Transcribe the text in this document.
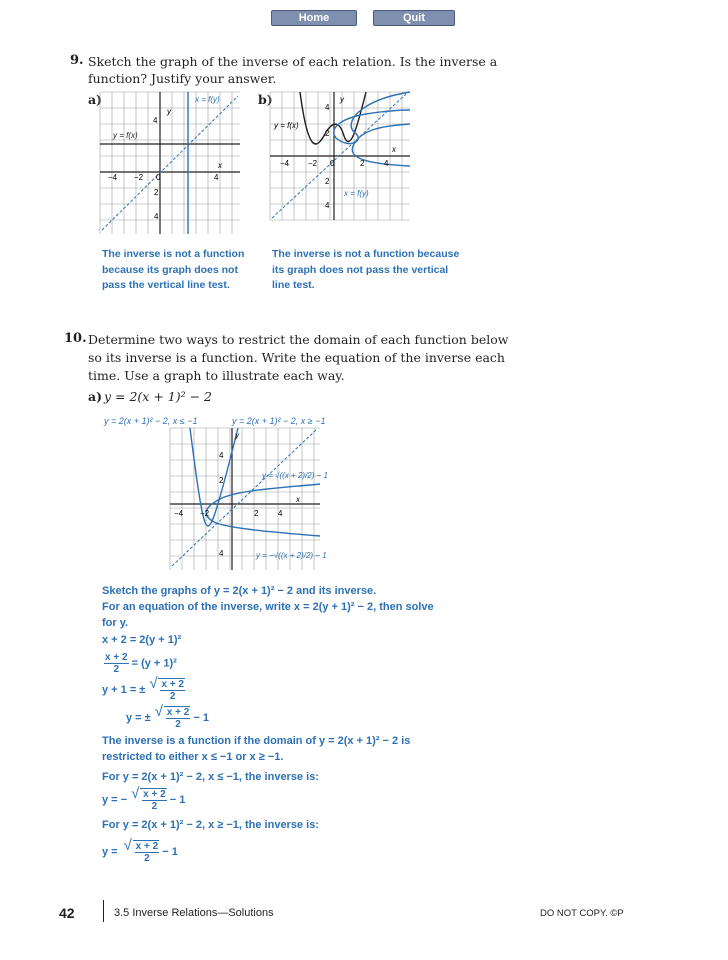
Home	Quit
9. Sketch the graph of the inverse of each relation. Is the inverse a
function? Justify your answer.
a)	b)
x = f(y)
y = f(x)
y
x
4
−4 −2 0
2
4
4
y = f(x)
x = f(y)
y
x
4
2
−4 −2 0	2 4
2
4
The inverse is not a function
because its graph does not
pass the vertical line test.
The inverse is not a function because
its graph does not pass the vertical
line test.
10. Determine two ways to restrict the domain of each function below
so its inverse is a function. Write the equation of the inverse each
time. Use a graph to illustrate each way.
a) y = 2(x + 1)² − 2
y = 2(x + 1)² − 2, x ≤ −1	y = 2(x + 1)² − 2, x ≥ −1
y
x
4
2
−4 −2	2 4
4
y = √((x + 2)/2) − 1
y = −√((x + 2)/2) − 1
Sketch the graphs of y = 2(x + 1)² − 2 and its inverse.
For an equation of the inverse, write x = 2(y + 1)² − 2, then solve
for y.
x + 2 = 2(y + 1)²
$\frac{x + 2}{2} = (y + 1)^2$
y + 1 = ± √ $\frac{x + 2}{2}$
y = ± √ $\frac{x + 2}{2} - 1$
The inverse is a function if the domain of y = 2(x + 1)² − 2 is
restricted to either x ≤ −1 or x ≥ −1.
For y = 2(x + 1)² − 2, x ≤ −1, the inverse is:
y = − √ $\frac{x + 2}{2} - 1$
For y = 2(x + 1)² − 2, x ≥ −1, the inverse is:
y = √ $\frac{x + 2}{2} - 1$
42	3.5 Inverse Relations—Solutions	DO NOT COPY. ©P
